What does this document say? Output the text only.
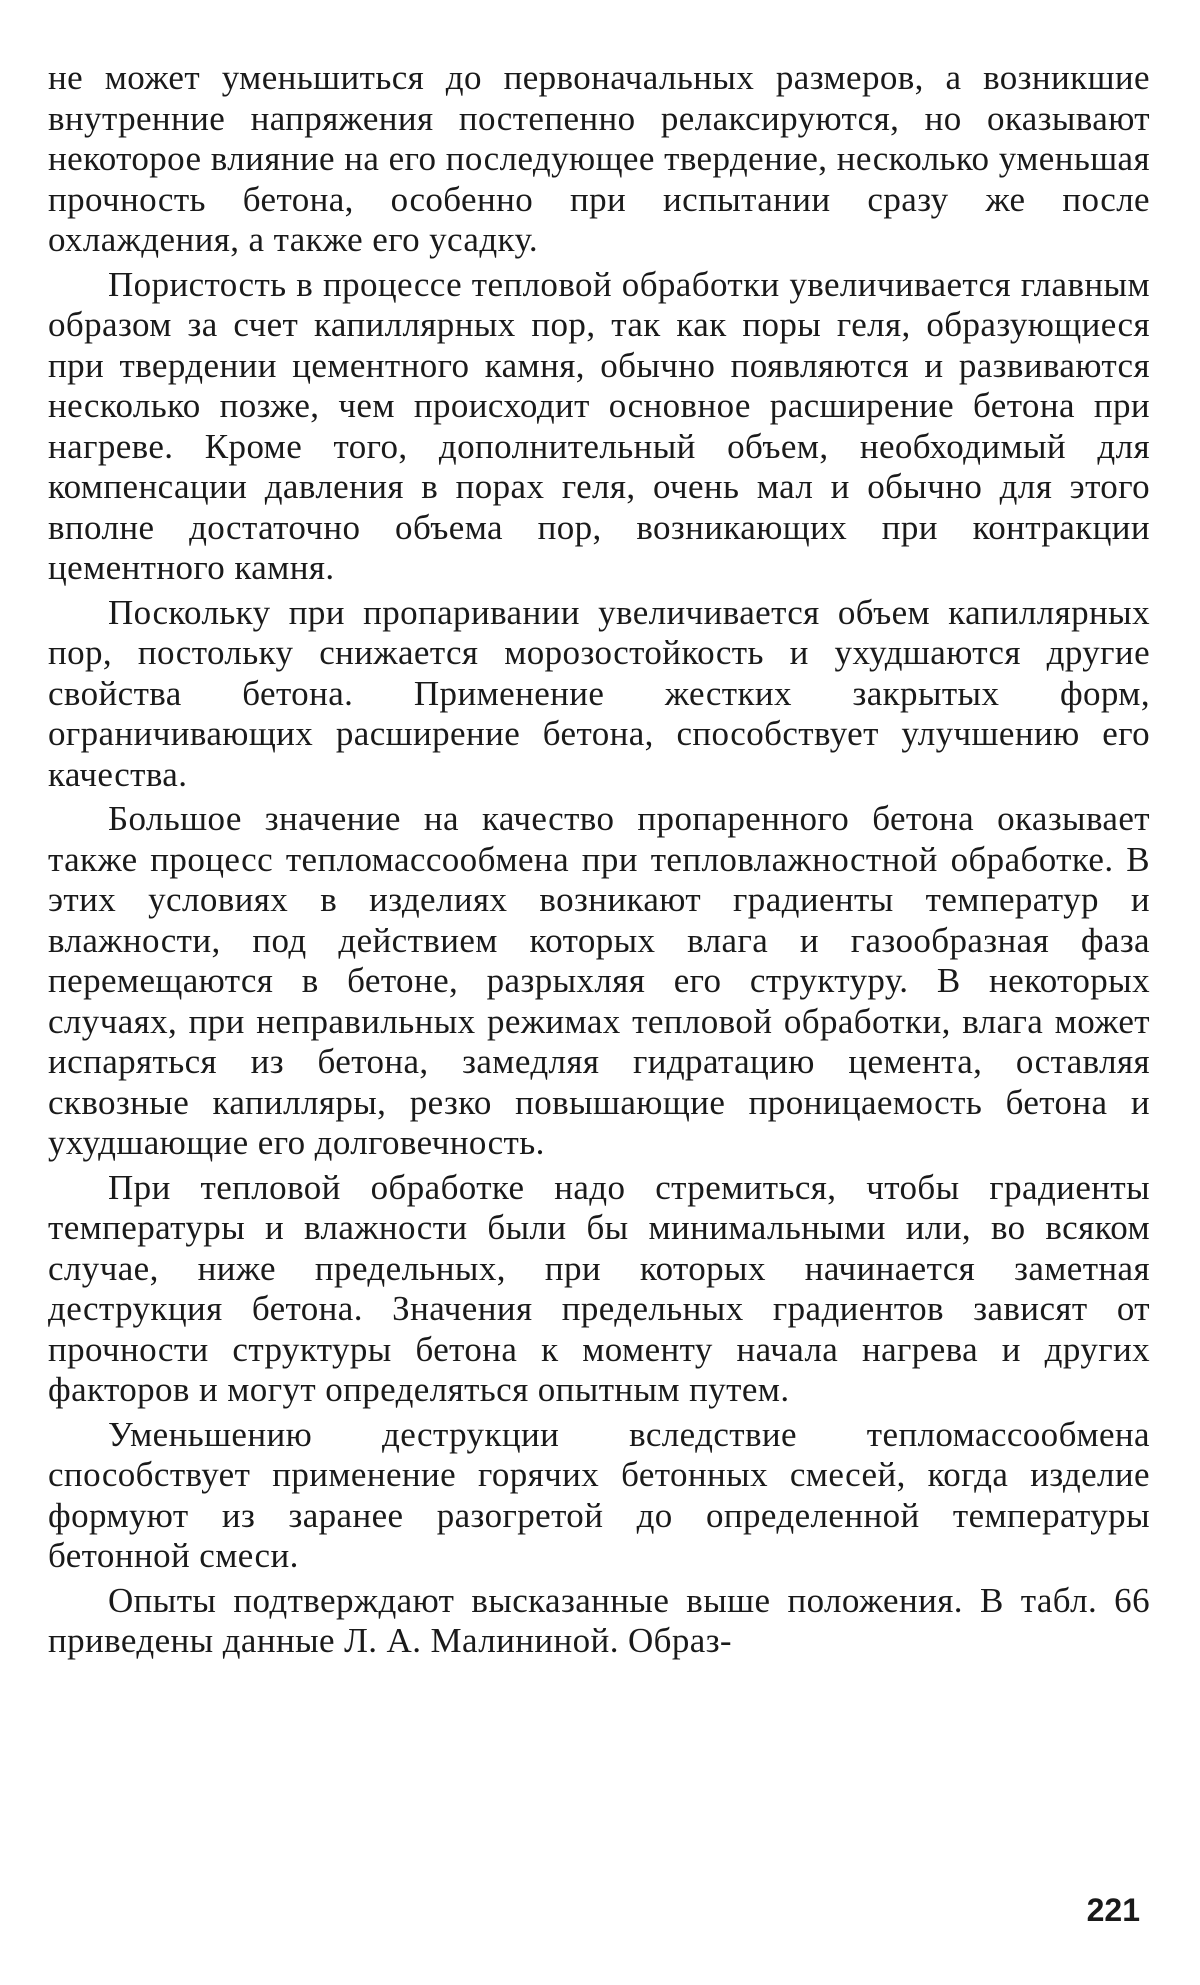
не может уменьшиться до первоначальных размеров, а возникшие внутренние напряжения постепенно релаксируются, но оказывают некоторое влияние на его последующее твердение, несколько уменьшая прочность бетона, особенно при испытании сразу же после охлаждения, а также его усадку.

Пористость в процессе тепловой обработки увеличивается главным образом за счет капиллярных пор, так как поры геля, образующиеся при твердении цементного камня, обычно появляются и развиваются несколько позже, чем происходит основное расширение бетона при нагреве. Кроме того, дополнительный объем, необходимый для компенсации давления в порах геля, очень мал и обычно для этого вполне достаточно объема пор, возникающих при контракции цементного камня.

Поскольку при пропаривании увеличивается объем капиллярных пор, постольку снижается морозостойкость и ухудшаются другие свойства бетона. Применение жестких закрытых форм, ограничивающих расширение бетона, способствует улучшению его качества.

Большое значение на качество пропаренного бетона оказывает также процесс тепломассообмена при тепловлажностной обработке. В этих условиях в изделиях возникают градиенты температур и влажности, под действием которых влага и газообразная фаза перемещаются в бетоне, разрыхляя его структуру. В некоторых случаях, при неправильных режимах тепловой обработки, влага может испаряться из бетона, замедляя гидратацию цемента, оставляя сквозные капилляры, резко повышающие проницаемость бетона и ухудшающие его долговечность.

При тепловой обработке надо стремиться, чтобы градиенты температуры и влажности были бы минимальными или, во всяком случае, ниже предельных, при которых начинается заметная деструкция бетона. Значения предельных градиентов зависят от прочности структуры бетона к моменту начала нагрева и других факторов и могут определяться опытным путем.

Уменьшению деструкции вследствие тепломассообмена способствует применение горячих бетонных смесей, когда изделие формуют из заранее разогретой до определенной температуры бетонной смеси.

Опыты подтверждают высказанные выше положения. В табл. 66 приведены данные Л. А. Малининой. Образ-

221
